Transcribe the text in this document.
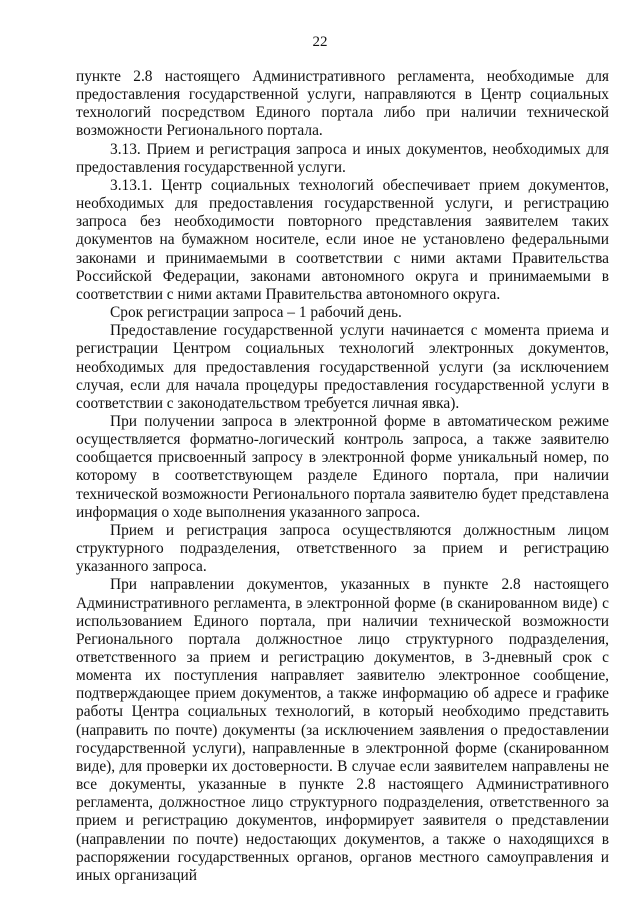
22

пункте 2.8 настоящего Административного регламента, необходимые для предоставления государственной услуги, направляются в Центр социальных технологий посредством Единого портала либо при наличии технической возможности Регионального портала.

3.13. Прием и регистрация запроса и иных документов, необходимых для предоставления государственной услуги.

3.13.1. Центр социальных технологий обеспечивает прием документов, необходимых для предоставления государственной услуги, и регистрацию запроса без необходимости повторного представления заявителем таких документов на бумажном носителе, если иное не установлено федеральными законами и принимаемыми в соответствии с ними актами Правительства Российской Федерации, законами автономного округа и принимаемыми в соответствии с ними актами Правительства автономного округа.

Срок регистрации запроса – 1 рабочий день.

Предоставление государственной услуги начинается с момента приема и регистрации Центром социальных технологий электронных документов, необходимых для предоставления государственной услуги (за исключением случая, если для начала процедуры предоставления государственной услуги в соответствии с законодательством требуется личная явка).

При получении запроса в электронной форме в автоматическом режиме осуществляется форматно-логический контроль запроса, а также заявителю сообщается присвоенный запросу в электронной форме уникальный номер, по которому в соответствующем разделе Единого портала, при наличии технической возможности Регионального портала заявителю будет представлена информация о ходе выполнения указанного запроса.

Прием и регистрация запроса осуществляются должностным лицом структурного подразделения, ответственного за прием и регистрацию указанного запроса.

При направлении документов, указанных в пункте 2.8 настоящего Административного регламента, в электронной форме (в сканированном виде) с использованием Единого портала, при наличии технической возможности Регионального портала должностное лицо структурного подразделения, ответственного за прием и регистрацию документов, в 3-дневный срок с момента их поступления направляет заявителю электронное сообщение, подтверждающее прием документов, а также информацию об адресе и графике работы Центра социальных технологий, в который необходимо представить (направить по почте) документы (за исключением заявления о предоставлении государственной услуги), направленные в электронной форме (сканированном виде), для проверки их достоверности. В случае если заявителем направлены не все документы, указанные в пункте 2.8 настоящего Административного регламента, должностное лицо структурного подразделения, ответственного за прием и регистрацию документов, информирует заявителя о представлении (направлении по почте) недостающих документов, а также о находящихся в распоряжении государственных органов, органов местного самоуправления и иных организаций
